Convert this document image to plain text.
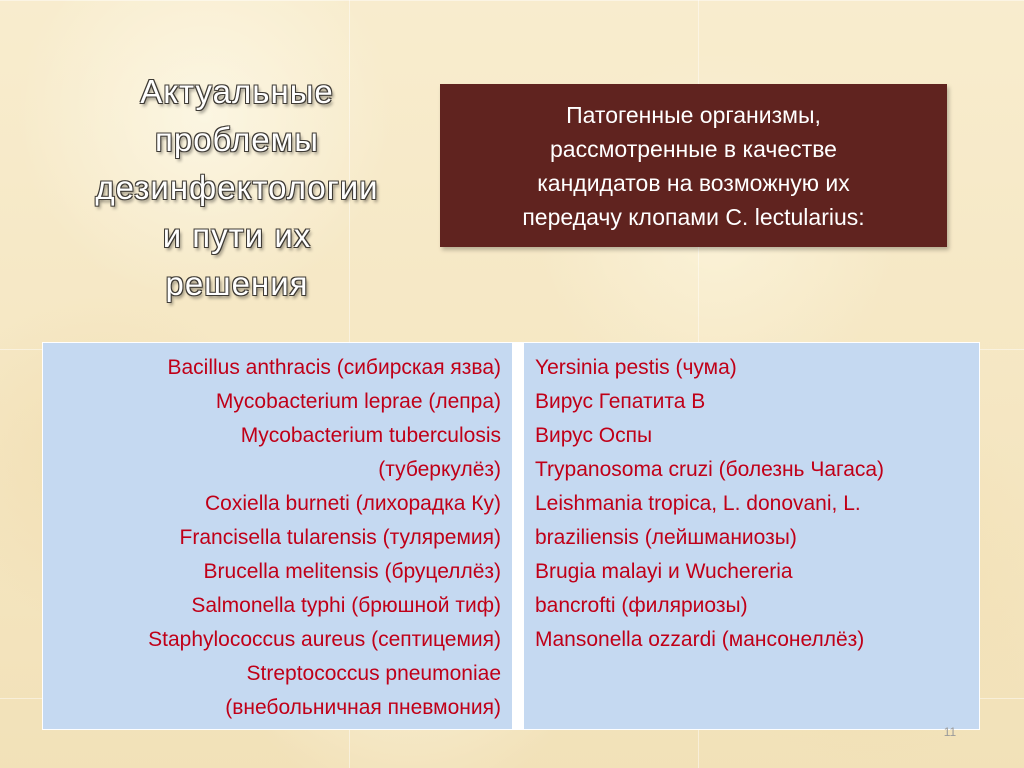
Актуальные
проблемы
дезинфектологии
и пути их
решения
Патогенные организмы,
рассмотренные в качестве
кандидатов на возможную их
передачу клопами C. lectularius:
Bacillus anthracis (сибирская язва)
Mycobacterium leprae (лепра)
Mycobacterium tuberculosis
(туберкулёз)
Coxiella burneti (лихорадка Ку)
Francisella tularensis (туляремия)
Brucella melitensis (бруцеллёз)
Salmonella typhi (брюшной тиф)
Staphylococcus aureus (септицемия)
Streptococcus pneumoniae
(внебольничная пневмония)
Yersinia pestis (чума)
Вирус Гепатита В
Вирус Оспы
Trypanosoma cruzi (болезнь Чагаса)
Leishmania tropica, L. donovani, L.
braziliensis (лейшманиозы)
Brugia malayi и Wuchereria
bancrofti (филяриозы)
Mansonella ozzardi (мансонеллёз)
11
